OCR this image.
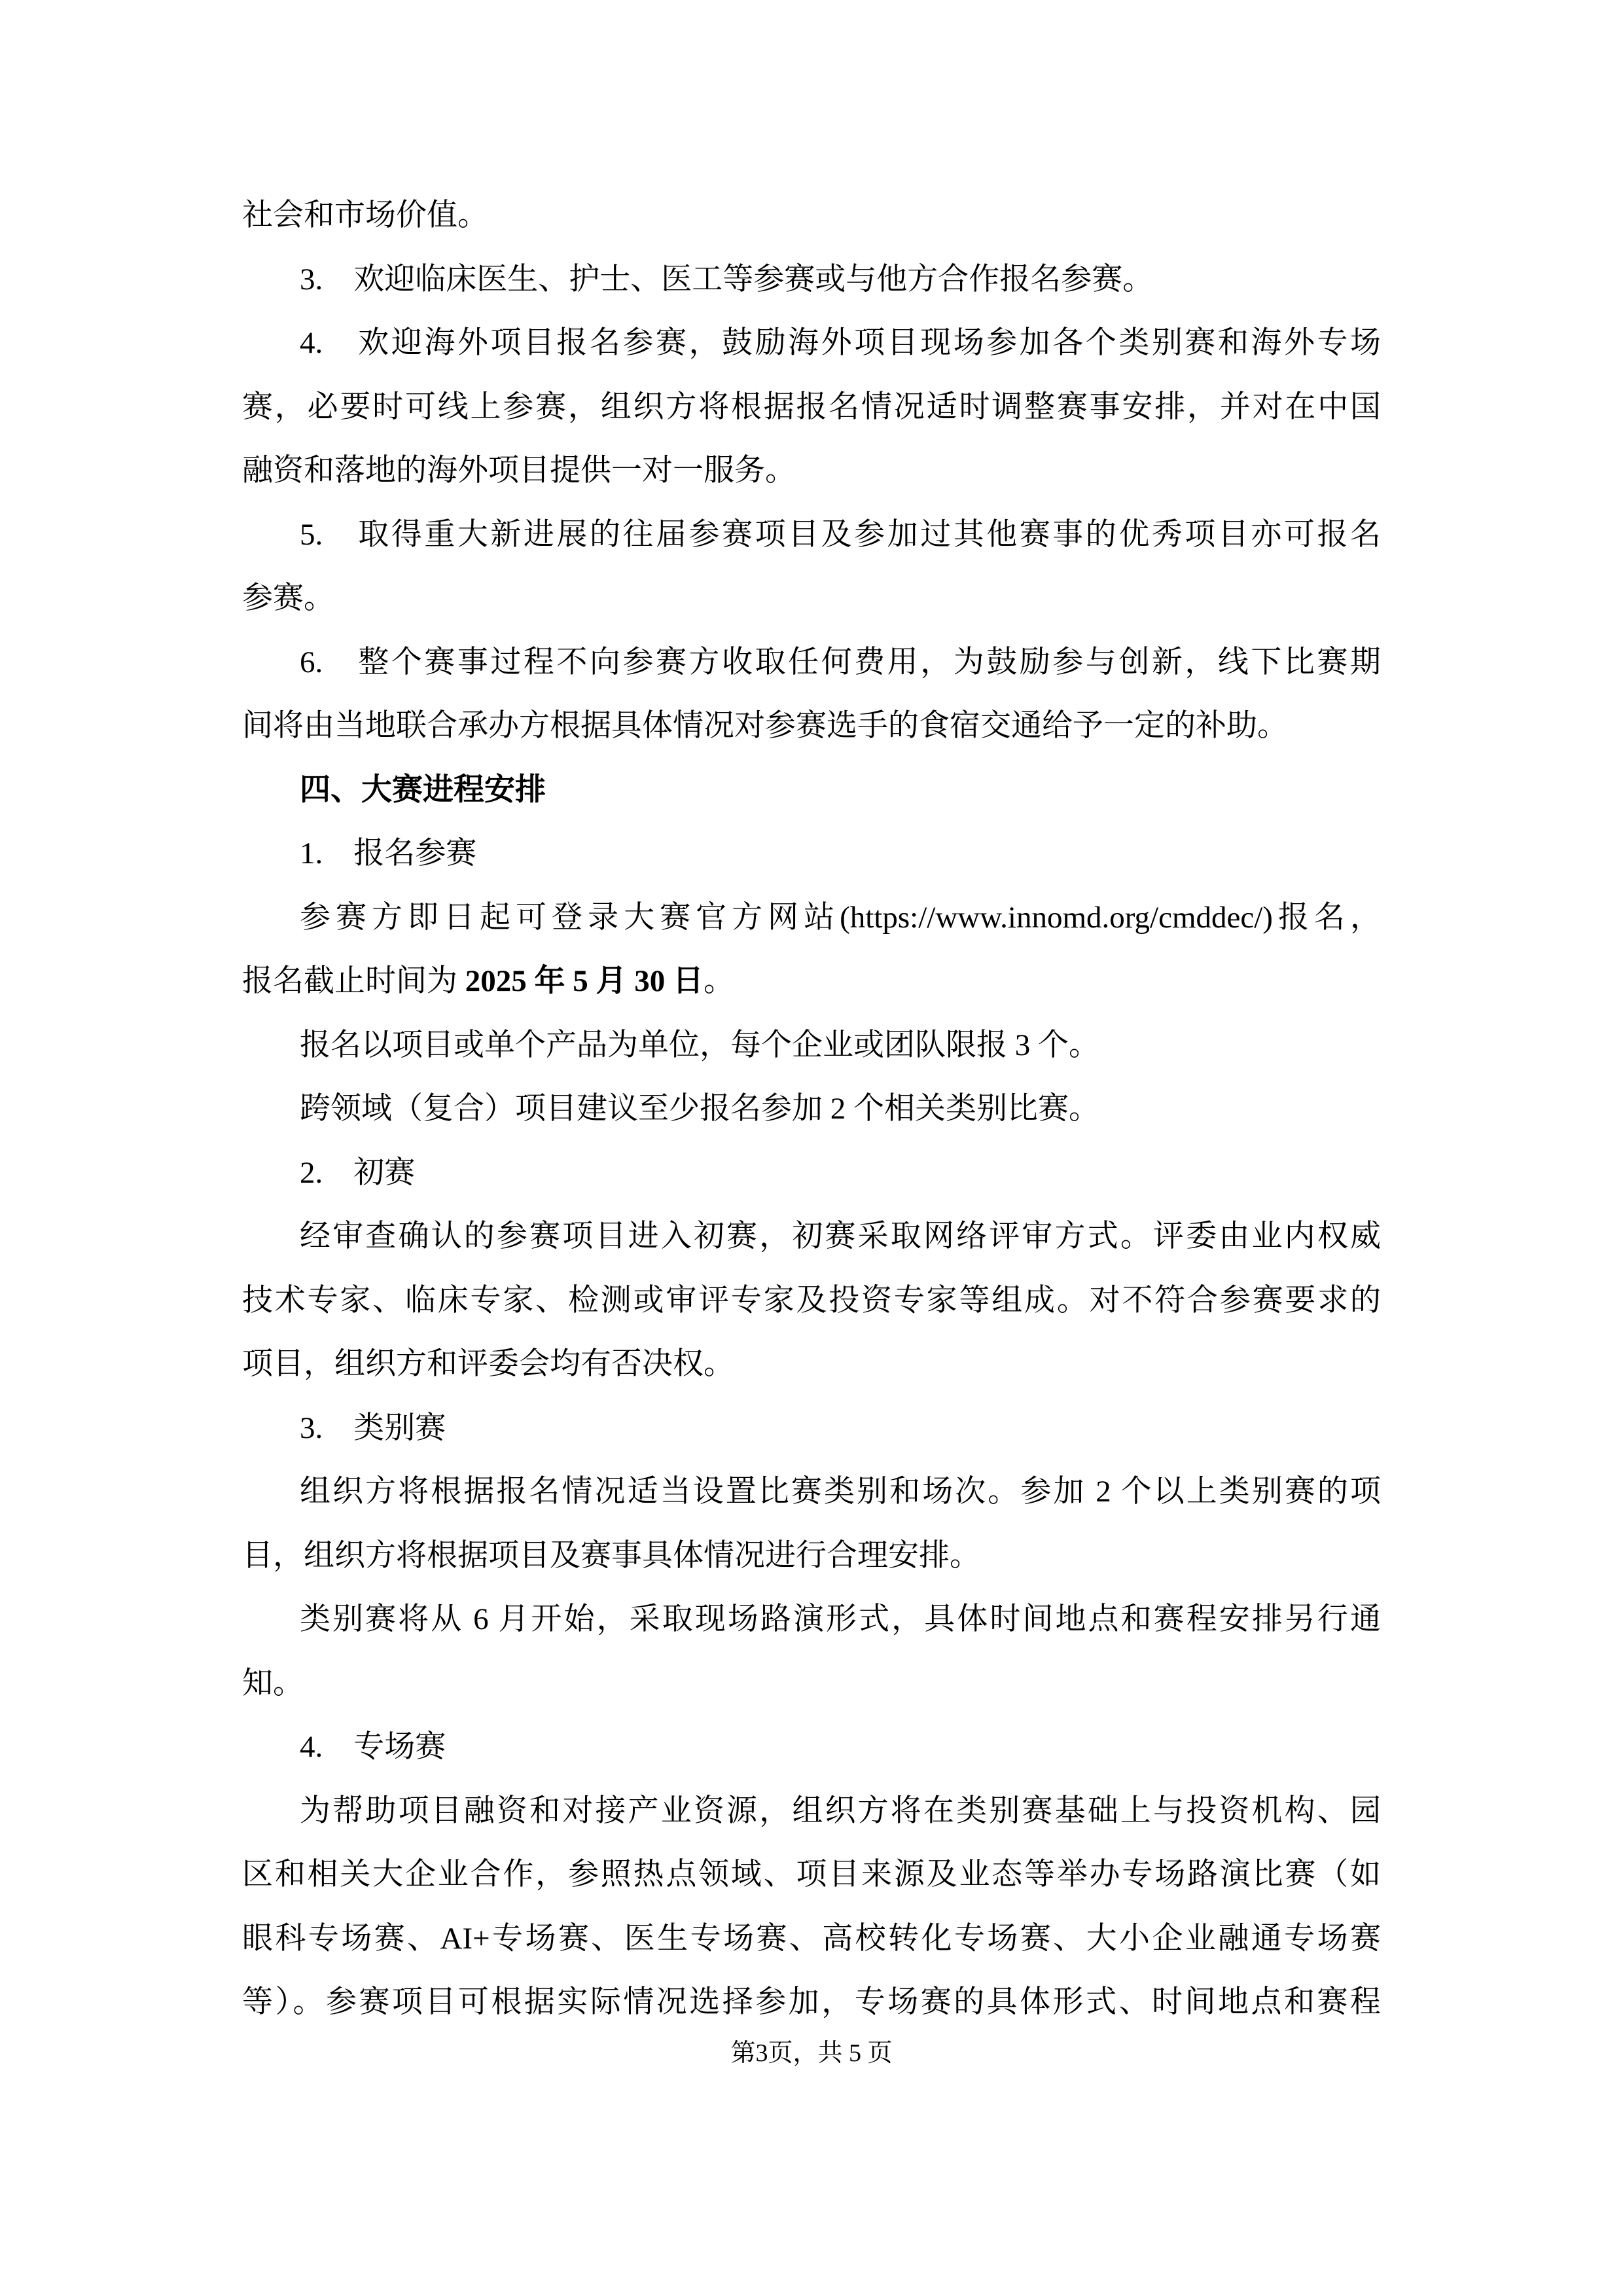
社会和市场价值。
3.　欢迎临床医生、护士、医工等参赛或与他方合作报名参赛。
4.　欢迎海外项目报名参赛，鼓励海外项目现场参加各个类别赛和海外专场
赛，必要时可线上参赛，组织方将根据报名情况适时调整赛事安排，并对在中国
融资和落地的海外项目提供一对一服务。
5.　取得重大新进展的往届参赛项目及参加过其他赛事的优秀项目亦可报名
参赛。
6.　整个赛事过程不向参赛方收取任何费用，为鼓励参与创新，线下比赛期
间将由当地联合承办方根据具体情况对参赛选手的食宿交通给予一定的补助。
四、大赛进程安排
1.　报名参赛
参赛方即日起可登录大赛官方网站(https://www.innomd.org/cmddec/)报名，
报名截止时间为 2025 年 5 月 30 日。
报名以项目或单个产品为单位，每个企业或团队限报 3 个。
跨领域（复合）项目建议至少报名参加 2 个相关类别比赛。
2.　初赛
经审查确认的参赛项目进入初赛，初赛采取网络评审方式。评委由业内权威
技术专家、临床专家、检测或审评专家及投资专家等组成。对不符合参赛要求的
项目，组织方和评委会均有否决权。
3.　类别赛
组织方将根据报名情况适当设置比赛类别和场次。参加 2 个以上类别赛的项
目，组织方将根据项目及赛事具体情况进行合理安排。
类别赛将从 6 月开始，采取现场路演形式，具体时间地点和赛程安排另行通
知。
4.　专场赛
为帮助项目融资和对接产业资源，组织方将在类别赛基础上与投资机构、园
区和相关大企业合作，参照热点领域、项目来源及业态等举办专场路演比赛（如
眼科专场赛、AI+专场赛、医生专场赛、高校转化专场赛、大小企业融通专场赛
等）。参赛项目可根据实际情况选择参加，专场赛的具体形式、时间地点和赛程
第3页，共 5 页
